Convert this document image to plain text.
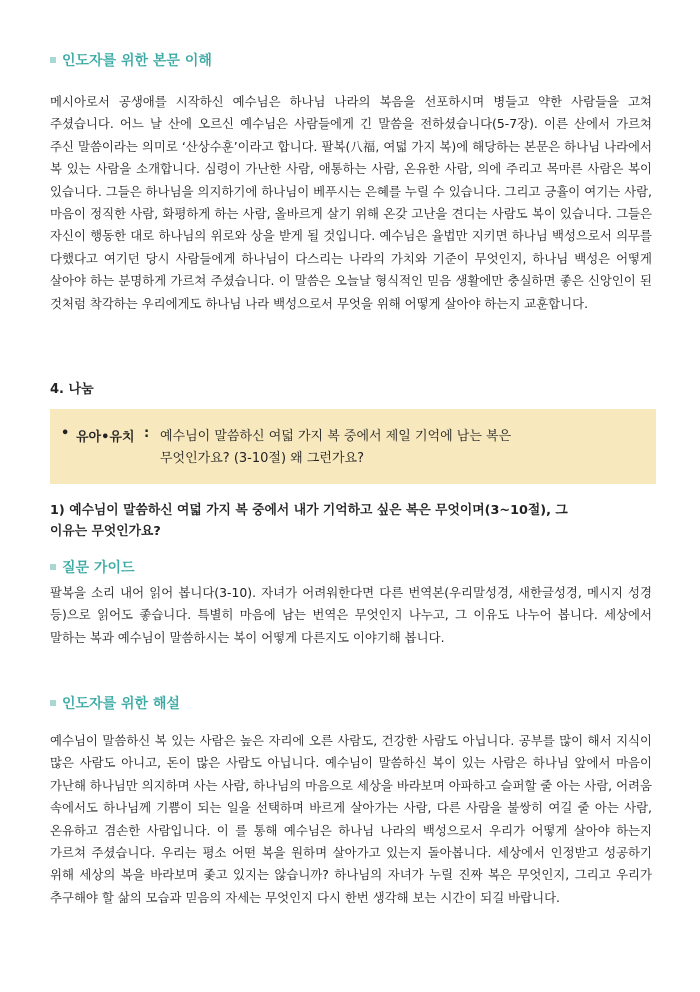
인도자를 위한 본문 이해
메시아로서 공생애를 시작하신 예수님은 하나님 나라의 복음을 선포하시며 병들고 약한 사람들을 고쳐 주셨습니다. 어느 날 산에 오르신 예수님은 사람들에게 긴 말씀을 전하셨습니다(5-7장). 이른 산에서 가르쳐 주신 말씀이라는 의미로 ‘산상수훈’이라고 합니다. 팔복(八福, 여덟 가지 복)에 해당하는 본문은 하나님 나라에서 복 있는 사람을 소개합니다. 심령이 가난한 사람, 애통하는 사람, 온유한 사람, 의에 주리고 목마른 사람은 복이 있습니다. 그들은 하나님을 의지하기에 하나님이 베푸시는 은혜를 누릴 수 있습니다. 그리고 긍휼이 여기는 사람, 마음이 정직한 사람, 화평하게 하는 사람, 올바르게 살기 위해 온갖 고난을 견디는 사람도 복이 있습니다. 그들은 자신이 행동한 대로 하나님의 위로와 상을 받게 될 것입니다. 예수님은 율법만 지키면 하나님 백성으로서 의무를 다했다고 여기던 당시 사람들에게 하나님이 다스리는 나라의 가치와 기준이 무엇인지, 하나님 백성은 어떻게 살아야 하는 분명하게 가르쳐 주셨습니다. 이 말씀은 오늘날 형식적인 믿음 생활에만 충실하면 좋은 신앙인이 된 것처럼 착각하는 우리에게도 하나님 나라 백성으로서 무엇을 위해 어떻게 살아야 하는지 교훈합니다.
4. 나눔
• 유아•유치 : 예수님이 말씀하신 여덟 가지 복 중에서 제일 기억에 남는 복은
무엇인가요? (3-10절) 왜 그런가요?
1) 예수님이 말씀하신 여덟 가지 복 중에서 내가 기억하고 싶은 복은 무엇이며(3~10절), 그
이유는 무엇인가요?
질문 가이드
팔복을 소리 내어 읽어 봅니다(3-10). 자녀가 어려워한다면 다른 번역본(우리말성경, 새한글성경, 메시지 성경 등)으로 읽어도 좋습니다. 특별히 마음에 남는 번역은 무엇인지 나누고, 그 이유도 나누어 봅니다. 세상에서 말하는 복과 예수님이 말씀하시는 복이 어떻게 다른지도 이야기해 봅니다.
인도자를 위한 해설
예수님이 말씀하신 복 있는 사람은 높은 자리에 오른 사람도, 건강한 사람도 아닙니다. 공부를 많이 해서 지식이 많은 사람도 아니고, 돈이 많은 사람도 아닙니다. 예수님이 말씀하신 복이 있는 사람은 하나님 앞에서 마음이 가난해 하나님만 의지하며 사는 사람, 하나님의 마음으로 세상을 바라보며 아파하고 슬퍼할 줄 아는 사람, 어려움 속에서도 하나님께 기쁨이 되는 일을 선택하며 바르게 살아가는 사람, 다른 사람을 불쌍히 여길 줄 아는 사람, 온유하고 겸손한 사람입니다. 이 를 통해 예수님은 하나님 나라의 백성으로서 우리가 어떻게 살아야 하는지 가르쳐 주셨습니다. 우리는 평소 어떤 복을 원하며 살아가고 있는지 돌아봅니다. 세상에서 인정받고 성공하기 위해 세상의 복을 바라보며 좇고 있지는 않습니까? 하나님의 자녀가 누릴 진짜 복은 무엇인지, 그리고 우리가 추구해야 할 삶의 모습과 믿음의 자세는 무엇인지 다시 한번 생각해 보는 시간이 되길 바랍니다.
